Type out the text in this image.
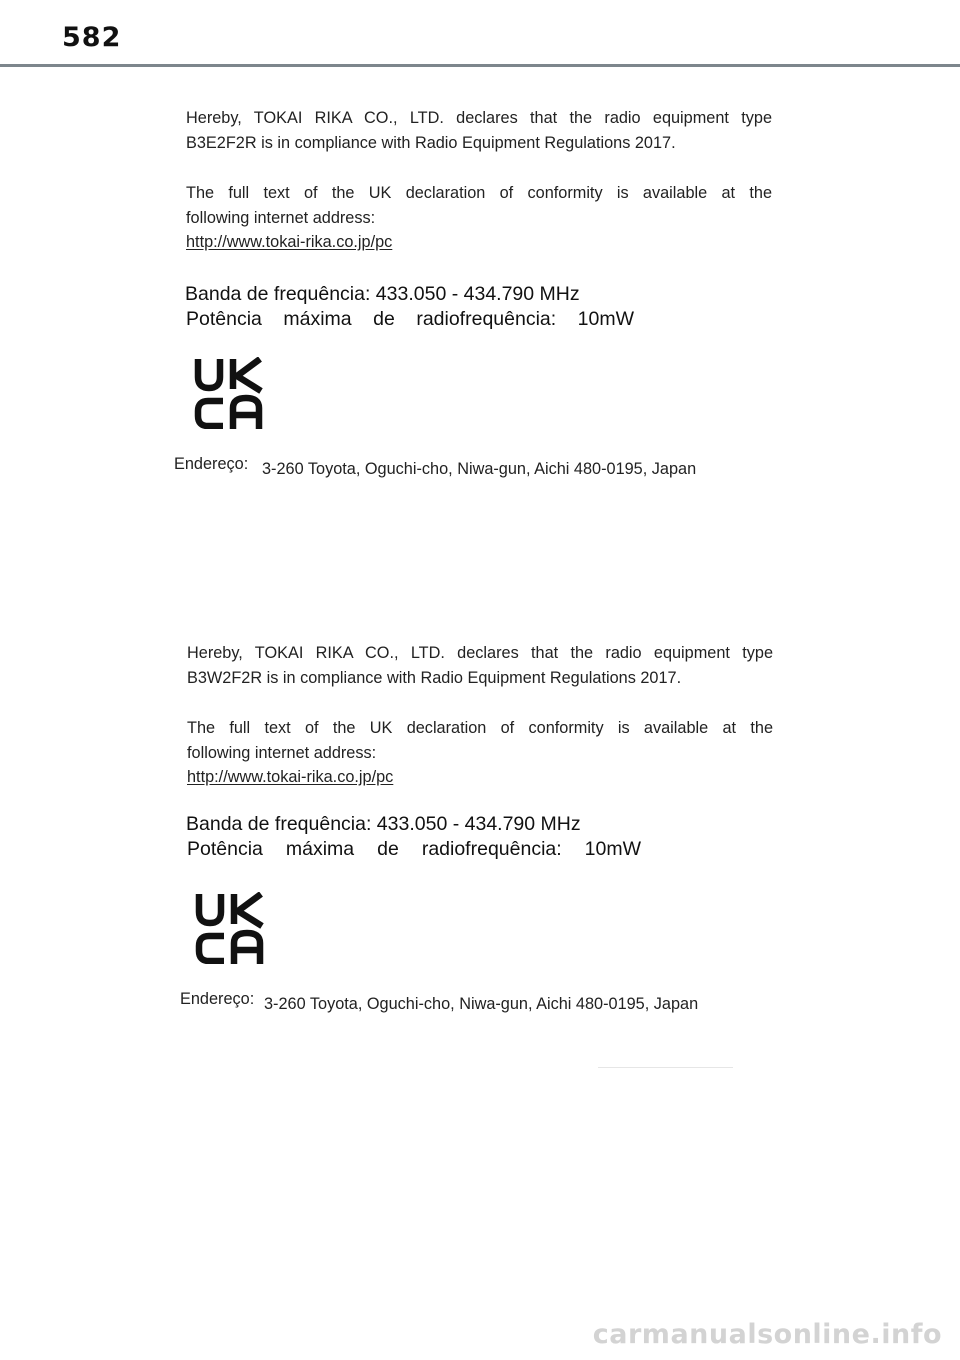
582
Hereby, TOKAI RIKA CO., LTD. declares that the radio equipment type
B3E2F2R is in compliance with Radio Equipment Regulations 2017.
The full text of the UK declaration of conformity is available at the
following internet address:
http://www.tokai-rika.co.jp/pc
Banda de frequência: 433.050 - 434.790 MHz
Potência máxima de radiofrequência: 10mW
Endereço: 3-260 Toyota, Oguchi-cho, Niwa-gun, Aichi 480-0195, Japan
Hereby, TOKAI RIKA CO., LTD. declares that the radio equipment type
B3W2F2R is in compliance with Radio Equipment Regulations 2017.
The full text of the UK declaration of conformity is available at the
following internet address:
http://www.tokai-rika.co.jp/pc
Banda de frequência: 433.050 - 434.790 MHz
Potência máxima de radiofrequência: 10mW
Endereço: 3-260 Toyota, Oguchi-cho, Niwa-gun, Aichi 480-0195, Japan
carmanualsonline.info
